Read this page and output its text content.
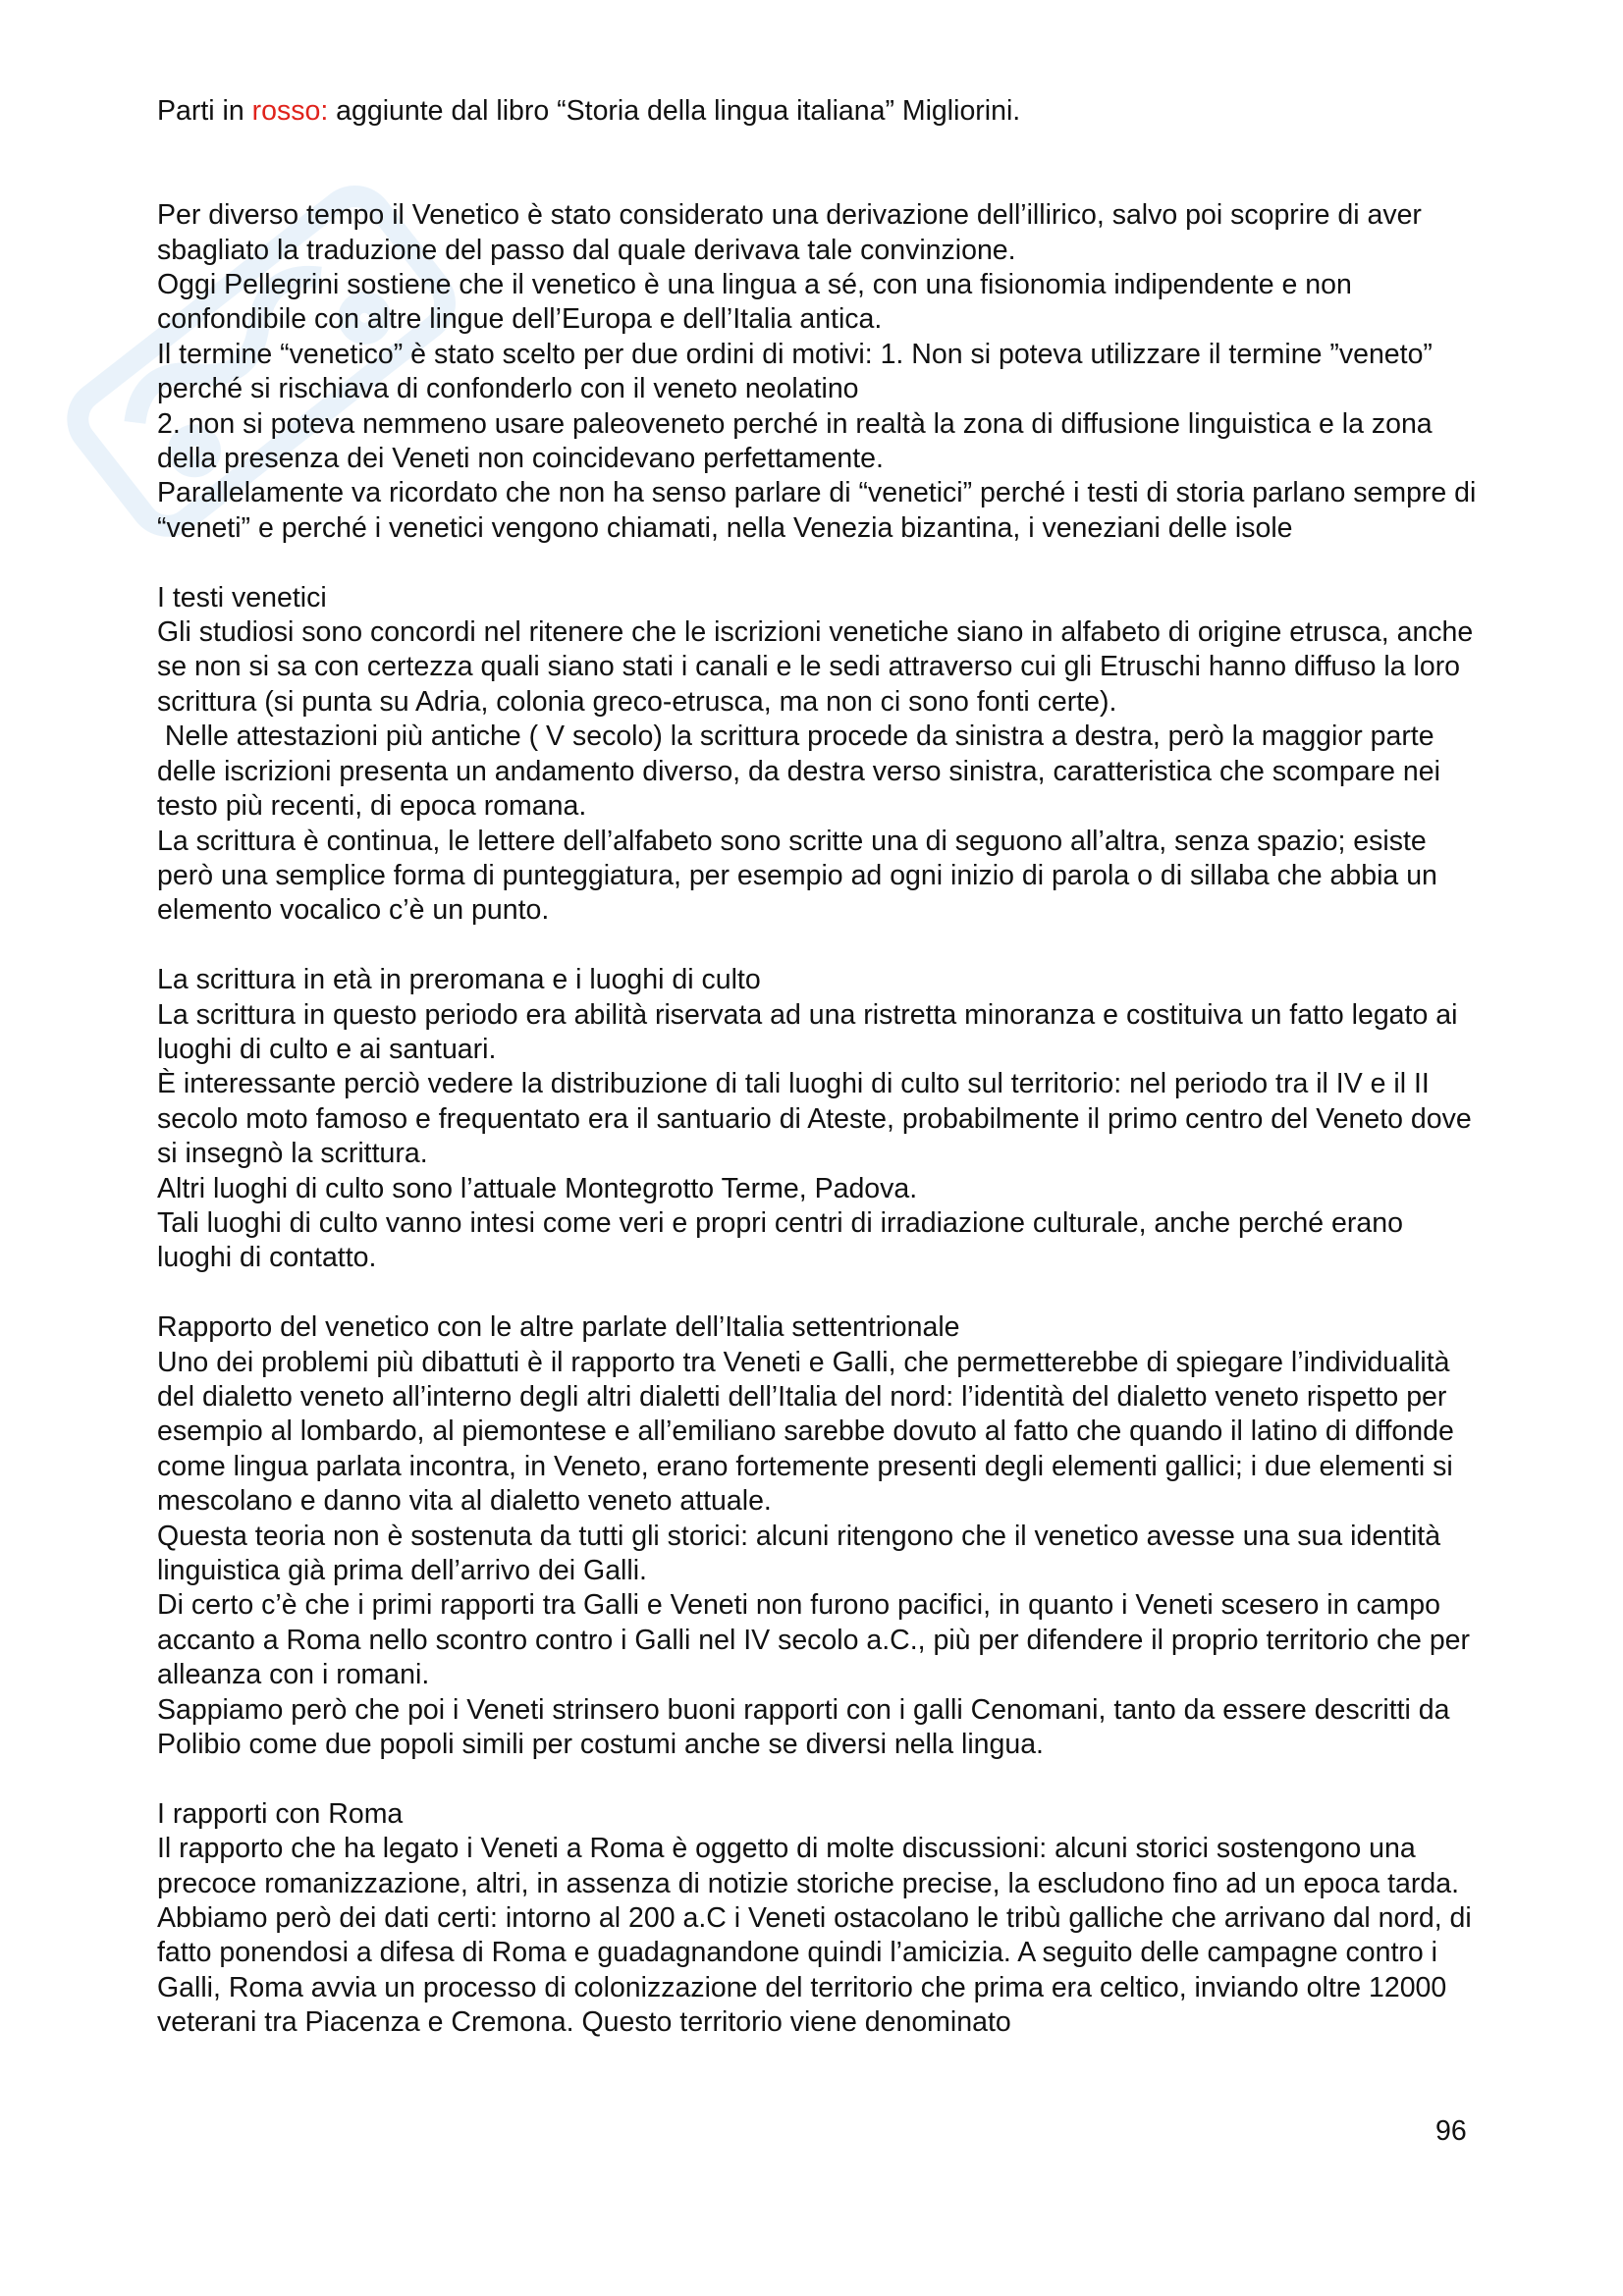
Parti in rosso: aggiunte dal libro “Storia della lingua italiana” Migliorini.

Per diverso tempo il Venetico è stato considerato una derivazione dell’illirico, salvo poi scoprire di aver sbagliato la traduzione del passo dal quale derivava tale convinzione.

Oggi Pellegrini sostiene che il venetico è una lingua a sé, con una fisionomia indipendente e non confondibile con altre lingue dell’Europa e dell’Italia antica.

Il termine “venetico” è stato scelto per due ordini di motivi: 1. Non si poteva utilizzare il termine ”veneto” perché si rischiava di confonderlo con il veneto neolatino

2. non si poteva nemmeno usare paleoveneto perché in realtà la zona di diffusione linguistica e la zona della presenza dei Veneti non coincidevano perfettamente.

Parallelamente va ricordato che non ha senso parlare di “venetici” perché i testi di storia parlano sempre di “veneti” e perché i venetici vengono chiamati, nella Venezia bizantina, i veneziani delle isole

I testi venetici

Gli studiosi sono concordi nel ritenere che le iscrizioni venetiche siano in alfabeto di origine etrusca, anche se non si sa con certezza quali siano stati i canali e le sedi attraverso cui gli Etruschi hanno diffuso la loro scrittura (si punta su Adria, colonia greco-etrusca, ma non ci sono fonti certe).

Nelle attestazioni più antiche ( V secolo) la scrittura procede da sinistra a destra, però la maggior parte delle iscrizioni presenta un andamento diverso, da destra verso sinistra, caratteristica che scompare nei testo più recenti, di epoca romana.

La scrittura è continua, le lettere dell’alfabeto sono scritte una di seguono all’altra, senza spazio; esiste però una semplice forma di punteggiatura, per esempio ad ogni inizio di parola o di sillaba che abbia un elemento vocalico c’è un punto.

La scrittura in età in preromana e i luoghi di culto

La scrittura in questo periodo era abilità riservata ad una ristretta minoranza e costituiva un fatto legato ai luoghi di culto e ai santuari.

È interessante perciò vedere la distribuzione di tali luoghi di culto sul territorio: nel periodo tra il IV e il II secolo moto famoso e frequentato era il santuario di Ateste, probabilmente il primo centro del Veneto dove si insegnò la scrittura.

Altri luoghi di culto sono l’attuale Montegrotto Terme, Padova.

Tali luoghi di culto vanno intesi come veri e propri centri di irradiazione culturale, anche perché erano luoghi di contatto.

Rapporto del venetico con le altre parlate dell’Italia settentrionale

Uno dei problemi più dibattuti è il rapporto tra Veneti e Galli, che permetterebbe di spiegare l’individualità del dialetto veneto all’interno degli altri dialetti dell’Italia del nord: l’identità del dialetto veneto rispetto per esempio al lombardo, al piemontese e all’emiliano sarebbe dovuto al fatto che quando il latino di diffonde come lingua parlata incontra, in Veneto, erano fortemente presenti degli elementi gallici; i due elementi si mescolano e danno vita al dialetto veneto attuale.

Questa teoria non è sostenuta da tutti gli storici: alcuni ritengono che il venetico avesse una sua identità linguistica già prima dell’arrivo dei Galli.

Di certo c’è che i primi rapporti tra Galli e Veneti non furono pacifici, in quanto i Veneti scesero in campo accanto a Roma nello scontro contro i Galli nel IV secolo a.C., più per difendere il proprio territorio che per alleanza con i romani.

Sappiamo però che poi i Veneti strinsero buoni rapporti con i galli Cenomani, tanto da essere descritti da Polibio come due popoli simili per costumi anche se diversi nella lingua.

I rapporti con Roma

Il rapporto che ha legato i Veneti a Roma è oggetto di molte discussioni: alcuni storici sostengono una precoce romanizzazione, altri, in assenza di notizie storiche precise, la escludono fino ad un epoca tarda.

Abbiamo però dei dati certi: intorno al 200 a.C i Veneti ostacolano le tribù galliche che arrivano dal nord, di fatto ponendosi a difesa di Roma e guadagnandone quindi l’amicizia. A seguito delle campagne contro i Galli, Roma avvia un processo di colonizzazione del territorio che prima era celtico, inviando oltre 12000 veterani tra Piacenza e Cremona. Questo territorio viene denominato

96
